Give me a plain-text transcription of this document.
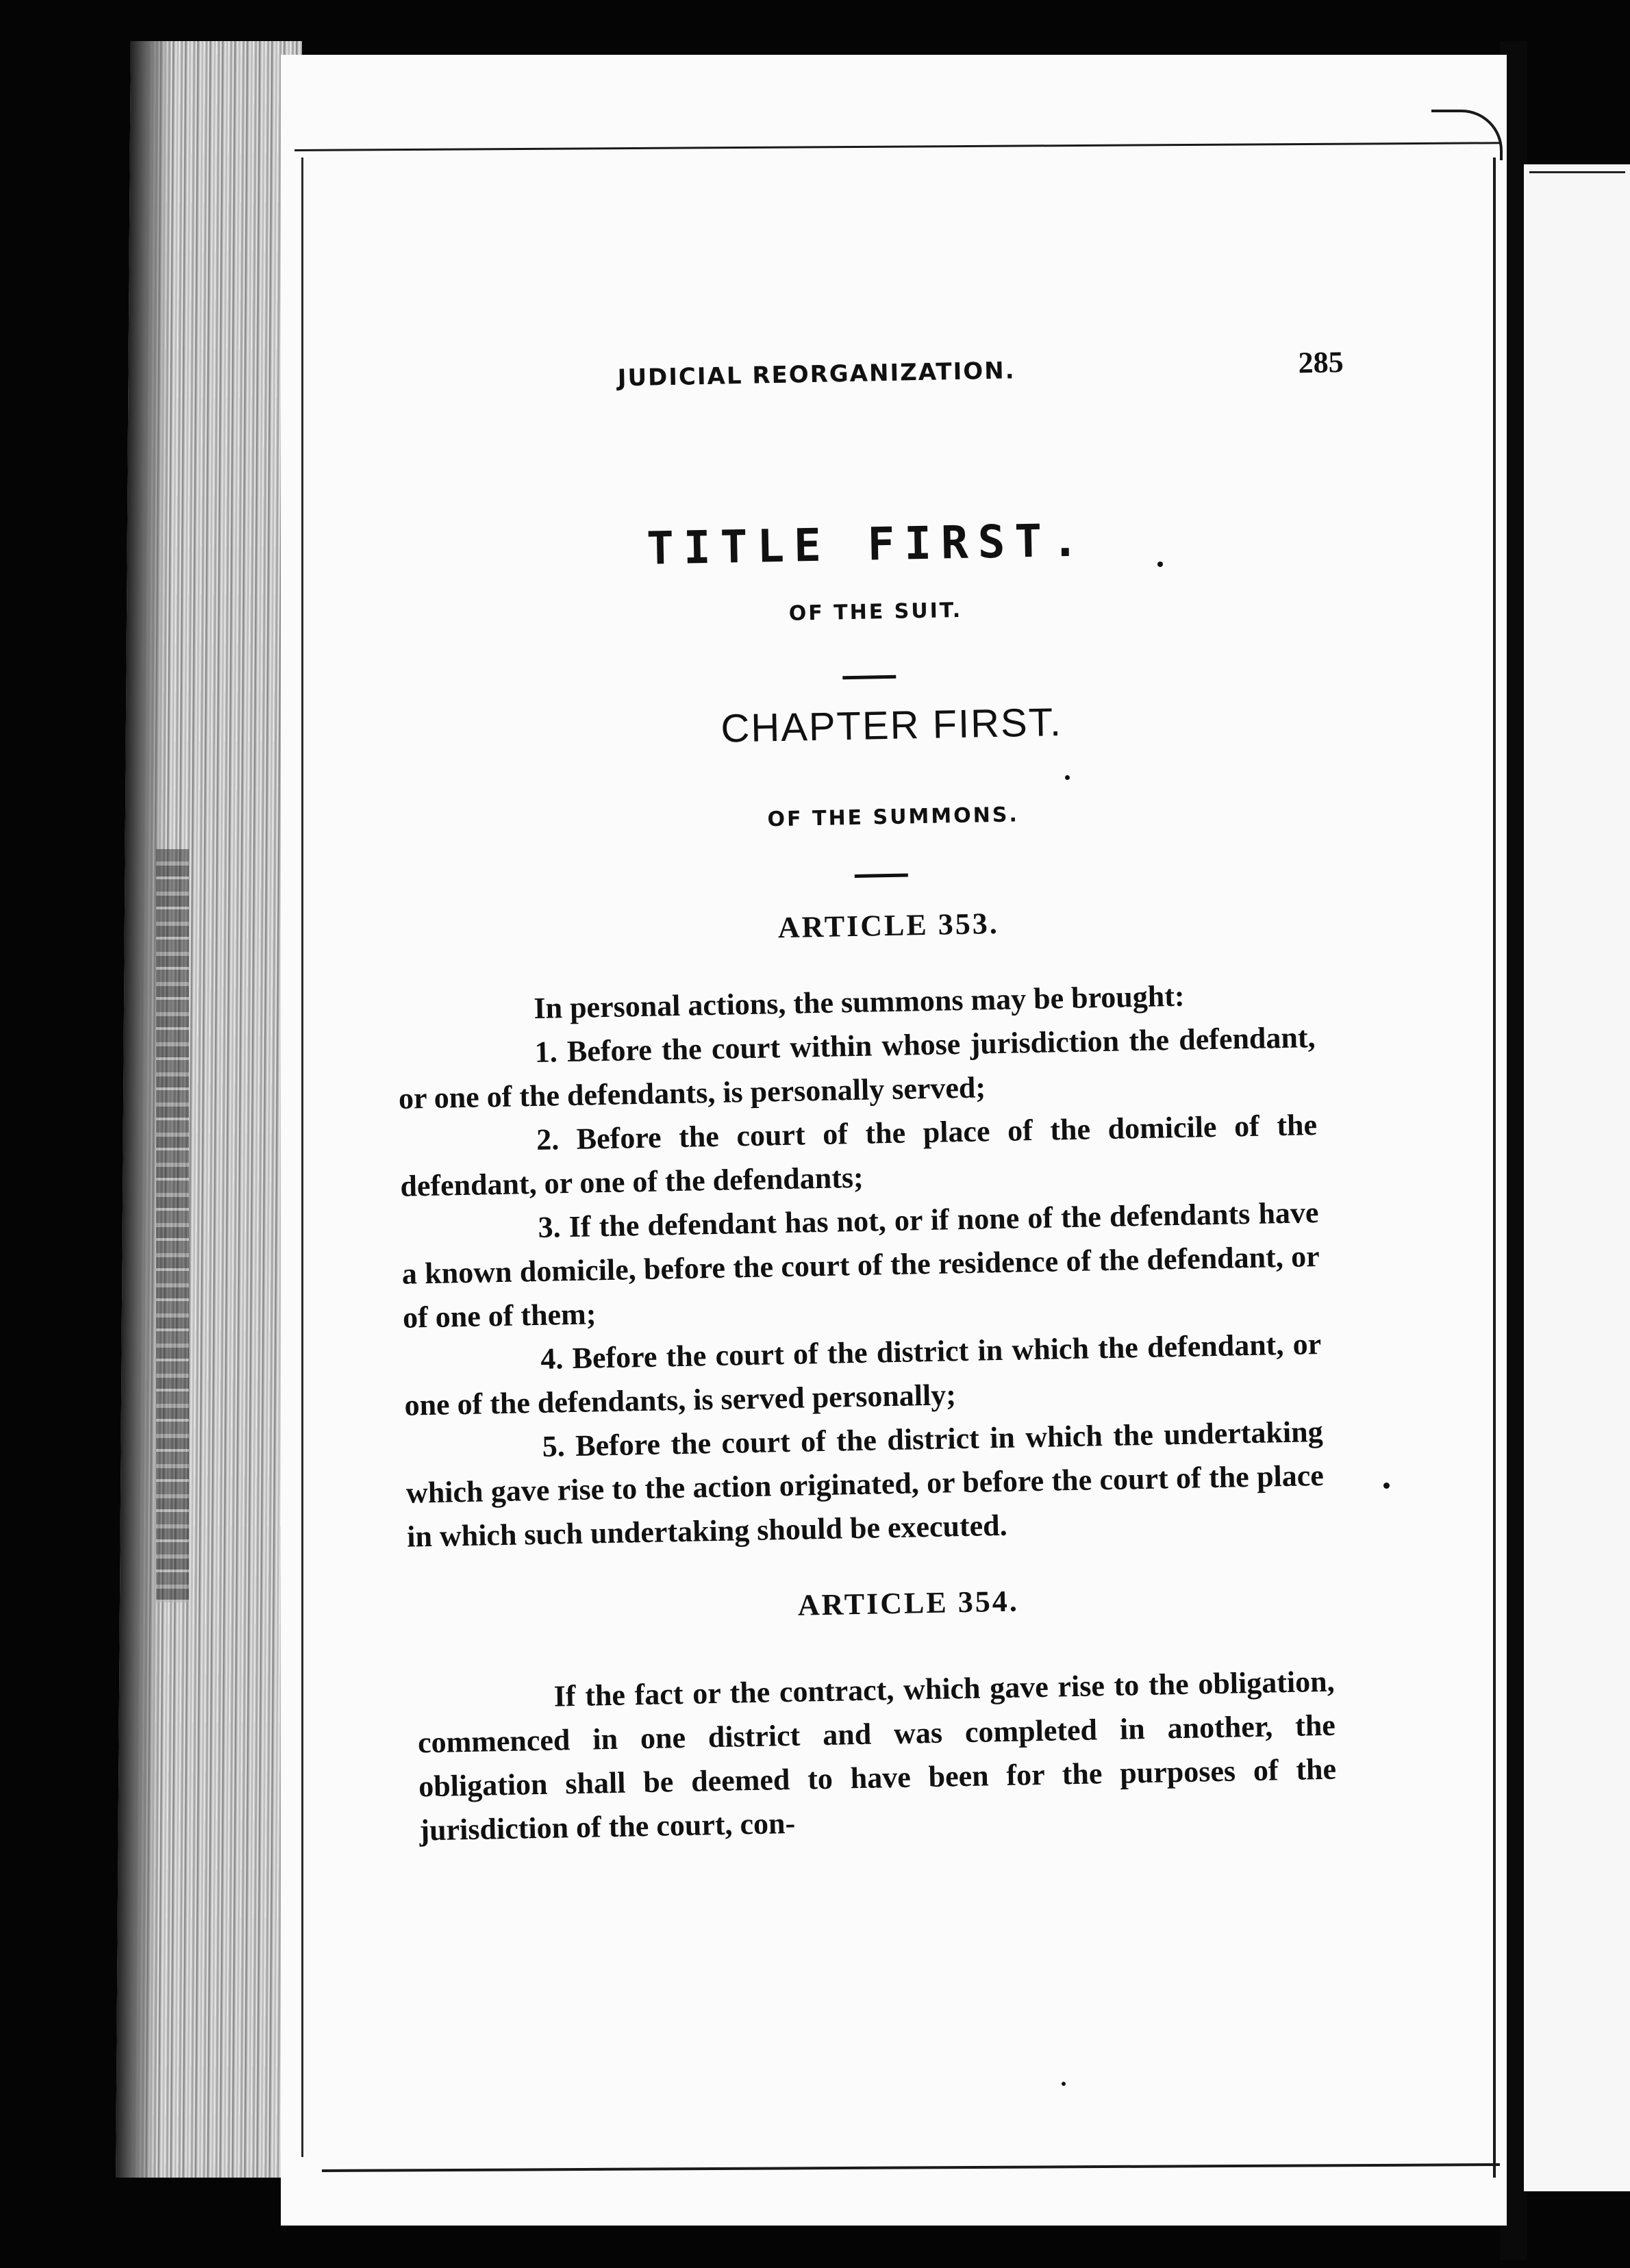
JUDICIAL REORGANIZATION.	285
TITLE FIRST.
OF THE SUIT.
CHAPTER FIRST.
OF THE SUMMONS.
ARTICLE 353.

In personal actions, the summons may be brought:

1. Before the court within whose jurisdiction the defendant, or one of the defendants, is personally served;

2. Before the court of the place of the domicile of the defendant, or one of the defendants;

3. If the defendant has not, or if none of the defendants have a known domicile, before the court of the residence of the defendant, or of one of them;

4. Before the court of the district in which the defendant, or one of the defendants, is served personally;

5. Before the court of the district in which the undertaking which gave rise to the action originated, or before the court of the place in which such undertaking should be executed.

ARTICLE 354.

If the fact or the contract, which gave rise to the obligation, commenced in one district and was completed in another, the obligation shall be deemed to have been for the purposes of the jurisdiction of the court, con-
